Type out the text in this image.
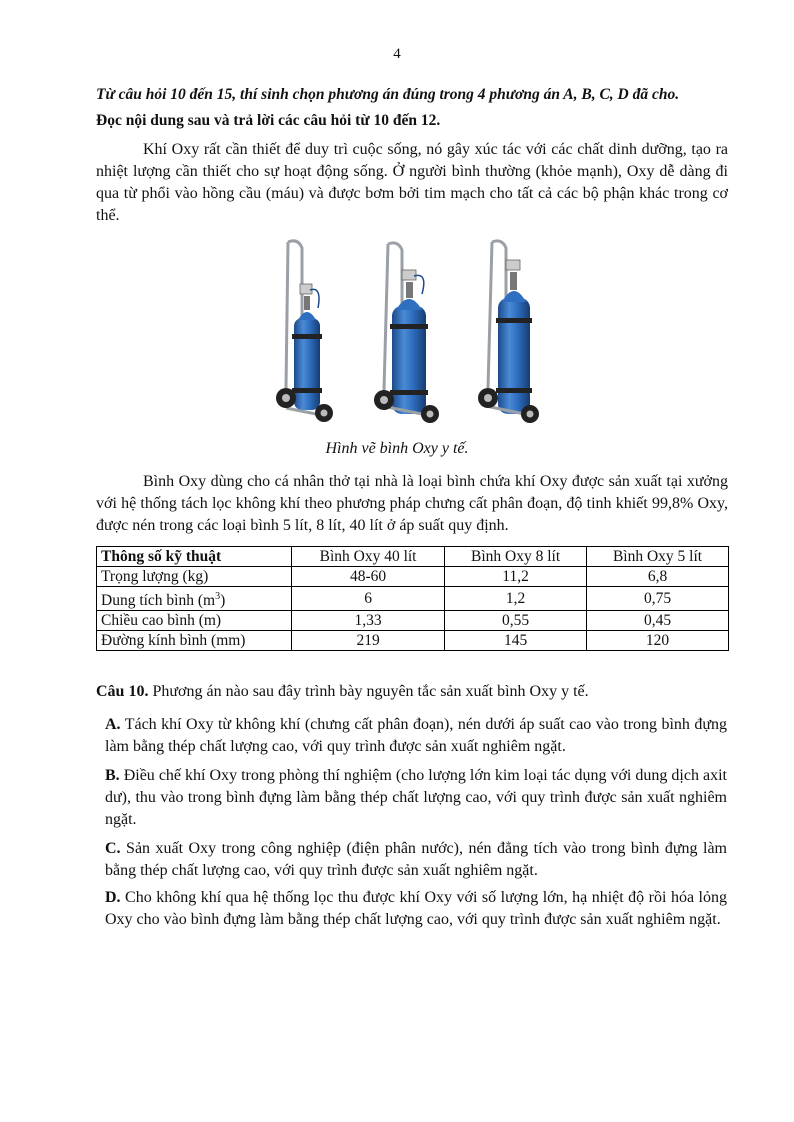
4
Từ câu hỏi 10 đến 15, thí sinh chọn phương án đúng trong 4 phương án A, B, C, D đã cho.
Đọc nội dung sau và trả lời các câu hỏi từ 10 đến 12.
Khí Oxy rất cần thiết để duy trì cuộc sống, nó gây xúc tác với các chất dinh dưỡng, tạo ra nhiệt lượng cần thiết cho sự hoạt động sống. Ở người bình thường (khỏe mạnh), Oxy dễ dàng đi qua từ phổi vào hồng cầu (máu) và được bơm bởi tim mạch cho tất cả các bộ phận khác trong cơ thể.
Hình vẽ bình Oxy y tế.
Bình Oxy dùng cho cá nhân thở tại nhà là loại bình chứa khí Oxy được sản xuất tại xưởng với hệ thống tách lọc không khí theo phương pháp chưng cất phân đoạn, độ tinh khiết 99,8% Oxy, được nén trong các loại bình 5 lít, 8 lít, 40 lít ở áp suất quy định.
Thông số kỹ thuật	Bình Oxy 40 lít	Bình Oxy 8 lít	Bình Oxy 5 lít
Trọng lượng (kg)	48-60	11,2	6,8
Dung tích bình $(m^3)$	6	1,2	0,75
Chiều cao bình (m)	1,33	0,55	0,45
Đường kính bình (mm)	219	145	120
Câu 10. Phương án nào sau đây trình bày nguyên tắc sản xuất bình Oxy y tế.
A. Tách khí Oxy từ không khí (chưng cất phân đoạn), nén dưới áp suất cao vào trong bình đựng làm bằng thép chất lượng cao, với quy trình được sản xuất nghiêm ngặt.
B. Điều chế khí Oxy trong phòng thí nghiệm (cho lượng lớn kim loại tác dụng với dung dịch axit dư), thu vào trong bình đựng làm bằng thép chất lượng cao, với quy trình được sản xuất nghiêm ngặt.
C. Sản xuất Oxy trong công nghiệp (điện phân nước), nén đẳng tích vào trong bình đựng làm bằng thép chất lượng cao, với quy trình được sản xuất nghiêm ngặt.
D. Cho không khí qua hệ thống lọc thu được khí Oxy với số lượng lớn, hạ nhiệt độ rồi hóa lỏng Oxy cho vào bình đựng làm bằng thép chất lượng cao, với quy trình được sản xuất nghiêm ngặt.
